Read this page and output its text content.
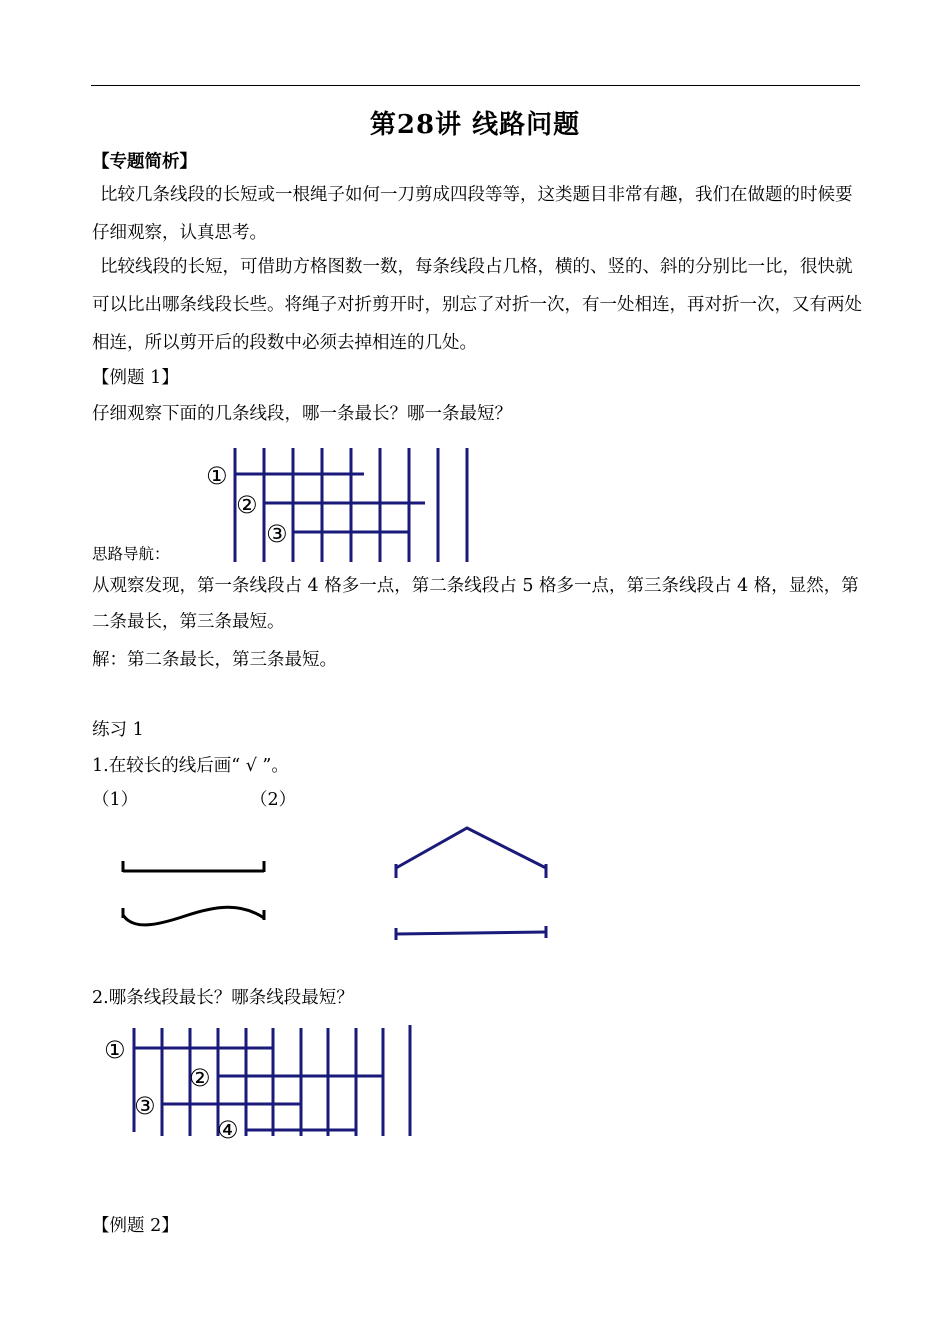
第28讲 线路问题
【专题简析】
比较几条线段的长短或一根绳子如何一刀剪成四段等等，这类题目非常有趣，我们在做题的时候要仔细观察，认真思考。
比较线段的长短，可借助方格图数一数，每条线段占几格，横的、竖的、斜的分别比一比，很快就可以比出哪条线段长些。将绳子对折剪开时，别忘了对折一次，有一处相连，再对折一次，又有两处相连，所以剪开后的段数中必须去掉相连的几处。
【例题 1】
仔细观察下面的几条线段，哪一条最长？哪一条最短？
①
②
③
思路导航：
从观察发现，第一条线段占 4 格多一点，第二条线段占 5 格多一点，第三条线段占 4 格，显然，第二条最长，第三条最短。
解：第二条最长，第三条最短。
练习 1
1.在较长的线后画“ √ ”。
（1）	（2）
2.哪条线段最长？哪条线段最短？
①
②
③
④
【例题 2】
